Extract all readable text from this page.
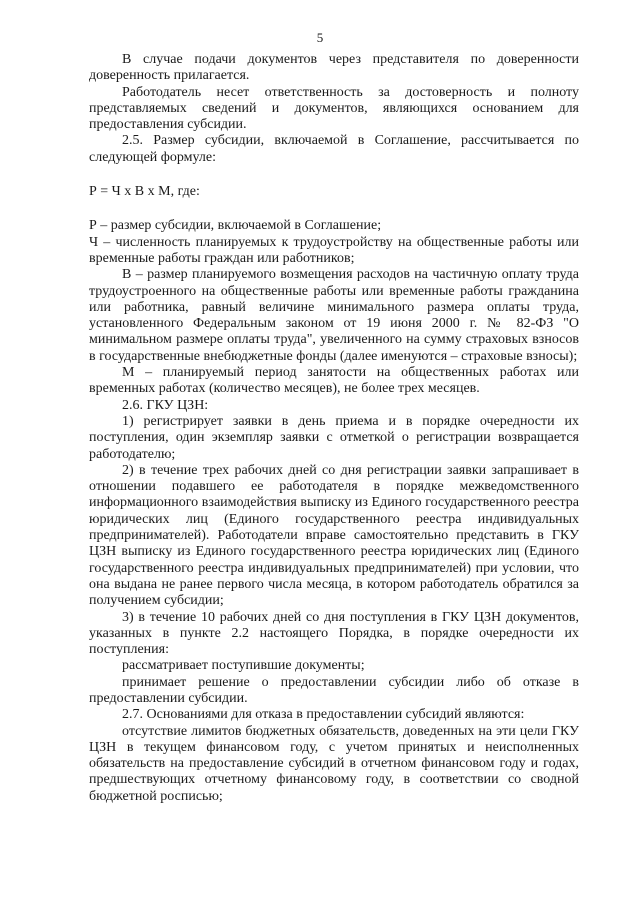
5

В случае подачи документов через представителя по доверенности доверенность прилагается.

Работодатель несет ответственность за достоверность и полноту представляемых сведений и документов, являющихся основанием для предоставления субсидии.

2.5. Размер субсидии, включаемой в Соглашение, рассчитывается по следующей формуле:

Р = Ч х В х М, где:

Р – размер субсидии, включаемой в Соглашение;

Ч – численность планируемых к трудоустройству на общественные работы или временные работы граждан или работников;

В – размер планируемого возмещения расходов на частичную оплату труда трудоустроенного на общественные работы или временные работы гражданина или работника, равный величине минимального размера оплаты труда, установленного Федеральным законом от 19 июня 2000 г. № 82-ФЗ "О минимальном размере оплаты труда", увеличенного на сумму страховых взносов в государственные внебюджетные фонды (далее именуются – страховые взносы);

М – планируемый период занятости на общественных работах или временных работах (количество месяцев), не более трех месяцев.

2.6. ГКУ ЦЗН:

1) регистрирует заявки в день приема и в порядке очередности их поступления, один экземпляр заявки с отметкой о регистрации возвращается работодателю;

2) в течение трех рабочих дней со дня регистрации заявки запрашивает в отношении подавшего ее работодателя в порядке межведомственного информационного взаимодействия выписку из Единого государственного реестра юридических лиц (Единого государственного реестра индивидуальных предпринимателей). Работодатели вправе самостоятельно представить в ГКУ ЦЗН выписку из Единого государственного реестра юридических лиц (Единого государственного реестра индивидуальных предпринимателей) при условии, что она выдана не ранее первого числа месяца, в котором работодатель обратился за получением субсидии;

3) в течение 10 рабочих дней со дня поступления в ГКУ ЦЗН документов, указанных в пункте 2.2 настоящего Порядка, в порядке очередности их поступления:

рассматривает поступившие документы;

принимает решение о предоставлении субсидии либо об отказе в предоставлении субсидии.

2.7. Основаниями для отказа в предоставлении субсидий являются:

отсутствие лимитов бюджетных обязательств, доведенных на эти цели ГКУ ЦЗН в текущем финансовом году, с учетом принятых и неисполненных обязательств на предоставление субсидий в отчетном финансовом году и годах, предшествующих отчетному финансовому году, в соответствии со сводной бюджетной росписью;
